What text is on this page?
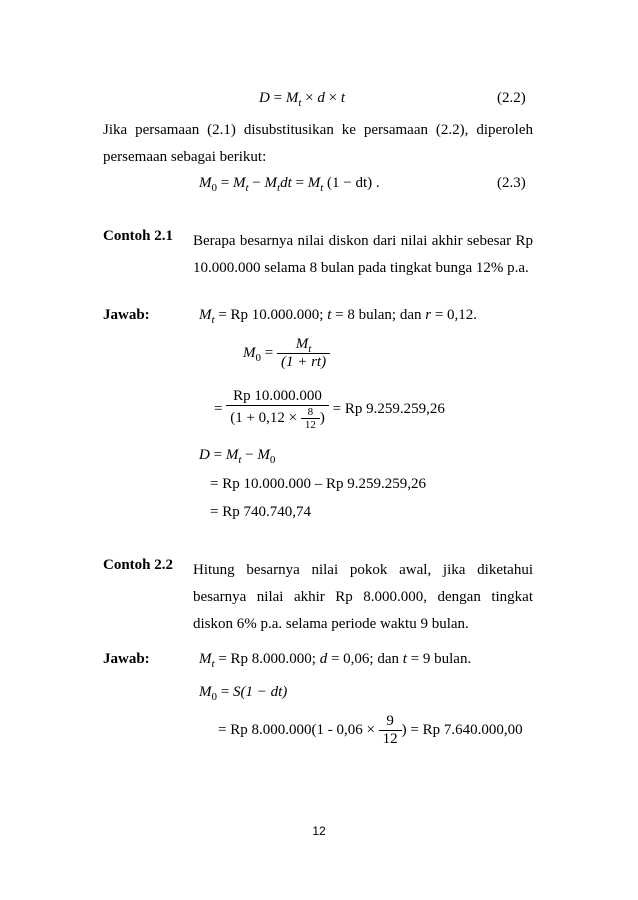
$D = M_t \times d \times t$	(2.2)
Jika persamaan (2.1) disubstitusikan ke persamaan (2.2), diperoleh persemaan sebagai berikut:
$M_0 = M_t - M_tdt = M_t$ (1 − dt) .	(2.3)
Contoh 2.1 Berapa besarnya nilai diskon dari nilai akhir sebesar Rp 10.000.000 selama 8 bulan pada tingkat bunga 12% p.a.
Jawab:	$M_t = Rp$ 10.000.000; t = 8 bulan; dan r = 0,12.
$M_0 = \frac{M_t}{(1 + rt)}$
= $\frac{Rp 10.000.000}{(1 + 0,12 \times \frac{8}{12} )} = Rp$ 9.259.259,26
$D = M_t - M_0$
= Rp 10.000.000 – Rp 9.259.259,26
= Rp 740.740,74
Contoh 2.2 Hitung besarnya nilai pokok awal, jika diketahui besarnya nilai akhir Rp 8.000.000, dengan tingkat diskon 6% p.a. selama periode waktu 9 bulan.
Jawab:	$M_t = Rp$ 8.000.000; d = 0,06; dan t = 9 bulan.
$M_0 = S(1 - dt)$
= Rp $8.000.000(1 - 0,06 \times \frac{9}{12}$ ) = Rp 7.640.000,00
12
